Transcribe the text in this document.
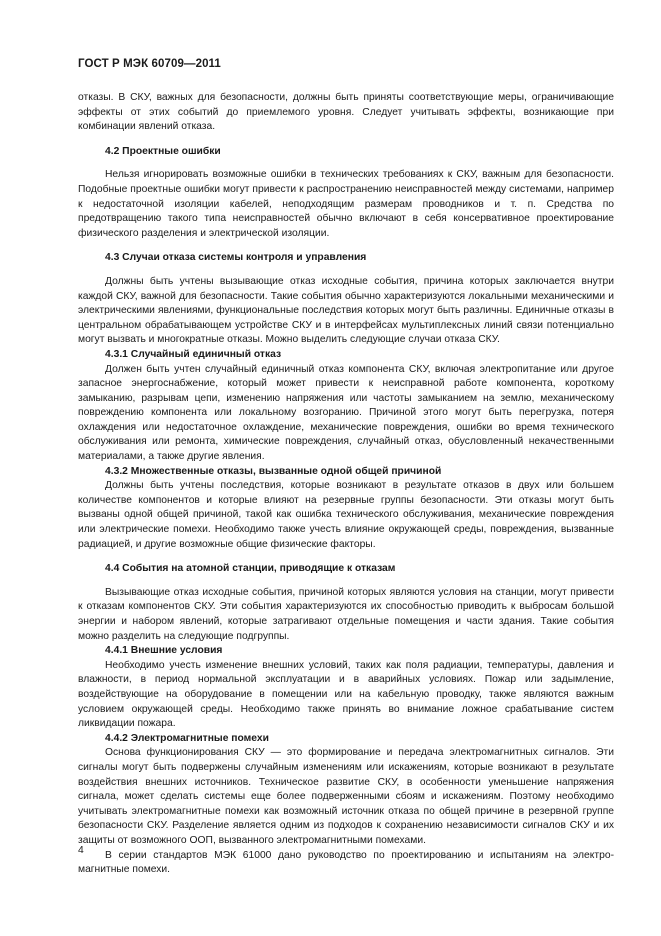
ГОСТ Р МЭК 60709—2011

отказы. В СКУ, важных для безопасности, должны быть приняты соответствующие меры, ограничивающие эффекты от этих событий до приемлемого уровня. Следует учитывать эффекты, возникающие при комбинации явлений отказа.

4.2 Проектные ошибки

Нельзя игнорировать возможные ошибки в технических требованиях к СКУ, важным для безопасности. Подобные проектные ошибки могут привести к распространению неисправностей между системами, например к недостаточной изоляции кабелей, неподходящим размерам проводников и т. п. Средства по предотвращению такого типа неисправностей обычно включают в себя консервативное проектирование физического разделения и электрической изоляции.

4.3 Случаи отказа системы контроля и управления

Должны быть учтены вызывающие отказ исходные события, причина которых заключается внутри каждой СКУ, важной для безопасности. Такие события обычно характеризуются локальными механическими и электрическими явлениями, функциональные последствия которых могут быть различны. Единичные отказы в центральном обрабатывающем устройстве СКУ и в интерфейсах мультиплексных линий связи потенциально могут вызвать и многократные отказы. Можно выделить следующие случаи отказа СКУ.

4.3.1 Случайный единичный отказ

Должен быть учтен случайный единичный отказ компонента СКУ, включая электропитание или другое запасное энергоснабжение, который может привести к неисправной работе компонента, короткому замыканию, разрывам цепи, изменению напряжения или частоты замыканием на землю, механическому повреждению компонента или локальному возгоранию. Причиной этого могут быть перегрузка, потеря охлаждения или недостаточное охлаждение, механические повреждения, ошибки во время технического обслуживания или ремонта, химические повреждения, случайный отказ, обусловленный некачественными материалами, а также другие явления.

4.3.2 Множественные отказы, вызванные одной общей причиной

Должны быть учтены последствия, которые возникают в результате отказов в двух или большем количестве компонентов и которые влияют на резервные группы безопасности. Эти отказы могут быть вызваны одной общей причиной, такой как ошибка технического обслуживания, механические повреждения или электрические помехи. Необходимо также учесть влияние окружающей среды, повреждения, вызванные радиацией, и другие возможные общие физические факторы.

4.4 События на атомной станции, приводящие к отказам

Вызывающие отказ исходные события, причиной которых являются условия на станции, могут привести к отказам компонентов СКУ. Эти события характеризуются их способностью приводить к выбросам большой энергии и набором явлений, которые затрагивают отдельные помещения и части здания. Такие события можно разделить на следующие подгруппы.

4.4.1 Внешние условия

Необходимо учесть изменение внешних условий, таких как поля радиации, температуры, давления и влажности, в период нормальной эксплуатации и в аварийных условиях. Пожар или задымление, воздействующие на оборудование в помещении или на кабельную проводку, также являются важным условием окружающей среды. Необходимо также принять во внимание ложное срабатывание систем ликвидации пожара.

4.4.2 Электромагнитные помехи

Основа функционирования СКУ — это формирование и передача электромагнитных сигналов. Эти сигналы могут быть подвержены случайным изменениям или искажениям, которые возникают в результате воздействия внешних источников. Техническое развитие СКУ, в особенности уменьшение напряжения сигнала, может сделать системы еще более подверженными сбоям и искажениям. Поэтому необходимо учитывать электромагнитные помехи как возможный источник отказа по общей причине в резервной группе безопасности СКУ. Разделение является одним из подходов к сохранению независимости сигналов СКУ и их защиты от возможного ООП, вызванного электромагнитными помехами.

В серии стандартов МЭК 61000 дано руководство по проектированию и испытаниям на электромагнитные помехи.

4
